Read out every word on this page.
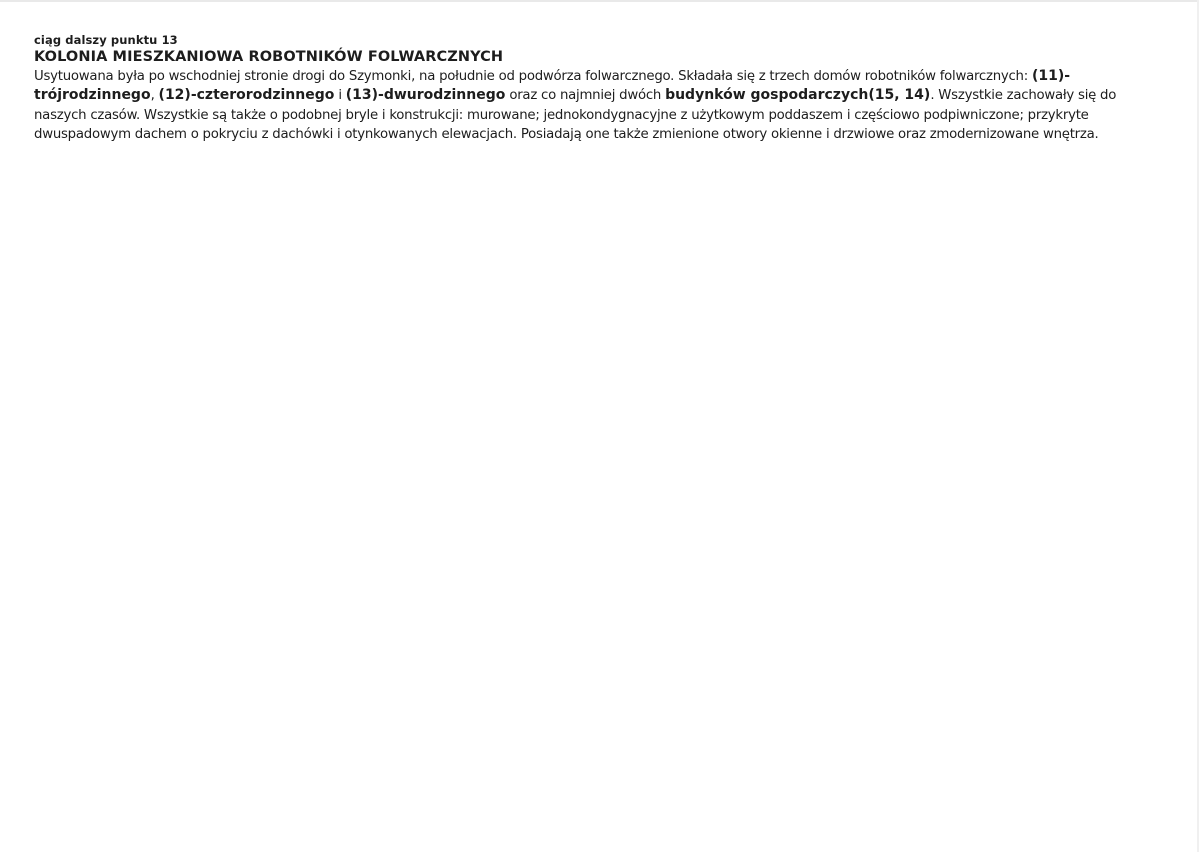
ciąg dalszy punktu 13

KOLONIA MIESZKANIOWA ROBOTNIKÓW FOLWARCZNYCH

Usytuowana była po wschodniej stronie drogi do Szymonki, na południe od podwórza folwarcznego. Składała się z trzech domów robotników folwarcznych: (11)-trójrodzinnego, (12)-czterorodzinnego i (13)-dwurodzinnego oraz co najmniej dwóch budynków gospodarczych(15, 14). Wszystkie zachowały się do naszych czasów. Wszystkie są także o podobnej bryle i konstrukcji: murowane; jednokondygnacyjne z użytkowym poddaszem i częściowo podpiwniczone; przykryte dwuspadowym dachem o pokryciu z dachówki i otynkowanych elewacjach. Posiadają one także zmienione otwory okienne i drzwiowe oraz zmodernizowane wnętrza.
